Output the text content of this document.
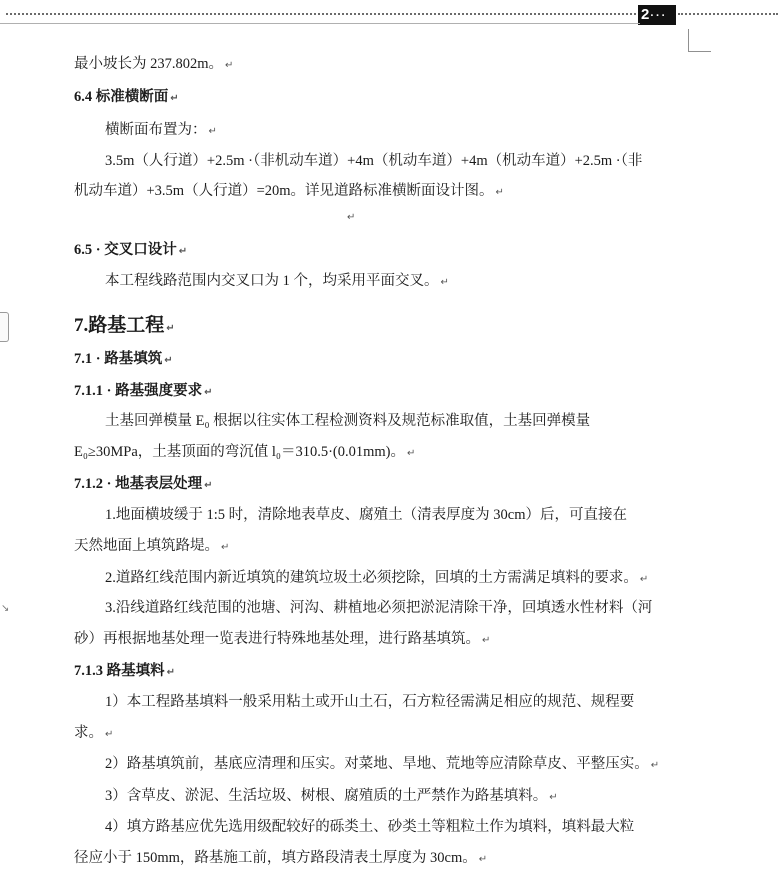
2···
↘
最小坡长为 237.802m。 ↵
6.4 标准横断面 ↵
横断面布置为： ↵
3.5m（人行道）+2.5m ·（非机动车道）+4m（机动车道）+4m（机动车道）+2.5m ·（非
机动车道）+3.5m（人行道）=20m。详见道路标准横断面设计图。 ↵
↵
6.5 · 交叉口设计 ↵
本工程线路范围内交叉口为 1 个，均采用平面交叉。 ↵
7.路基工程 ↵
7.1 · 路基填筑 ↵
7.1.1 · 路基强度要求 ↵
土基回弹模量 E₀ 根据以往实体工程检测资料及规范标准取值，土基回弹模量
E₀≥30MPa，土基顶面的弯沉值 l₀＝310.5·(0.01mm)。 ↵
7.1.2 · 地基表层处理 ↵
1.地面横坡缓于 1:5 时，清除地表草皮、腐殖土（清表厚度为 30cm）后，可直接在
天然地面上填筑路堤。 ↵
2.道路红线范围内新近填筑的建筑垃圾土必须挖除，回填的土方需满足填料的要求。 ↵
3.沿线道路红线范围的池塘、河沟、耕植地必须把淤泥清除干净，回填透水性材料（河
砂）再根据地基处理一览表进行特殊地基处理，进行路基填筑。 ↵
7.1.3 路基填料 ↵
1）本工程路基填料一般采用粘土或开山土石，石方粒径需满足相应的规范、规程要
求。 ↵
2）路基填筑前，基底应清理和压实。对菜地、旱地、荒地等应清除草皮、平整压实。 ↵
3）含草皮、淤泥、生活垃圾、树根、腐殖质的土严禁作为路基填料。 ↵
4）填方路基应优先选用级配较好的砾类土、砂类土等粗粒土作为填料，填料最大粒
径应小于 150mm，路基施工前，填方路段清表土厚度为 30cm。 ↵
